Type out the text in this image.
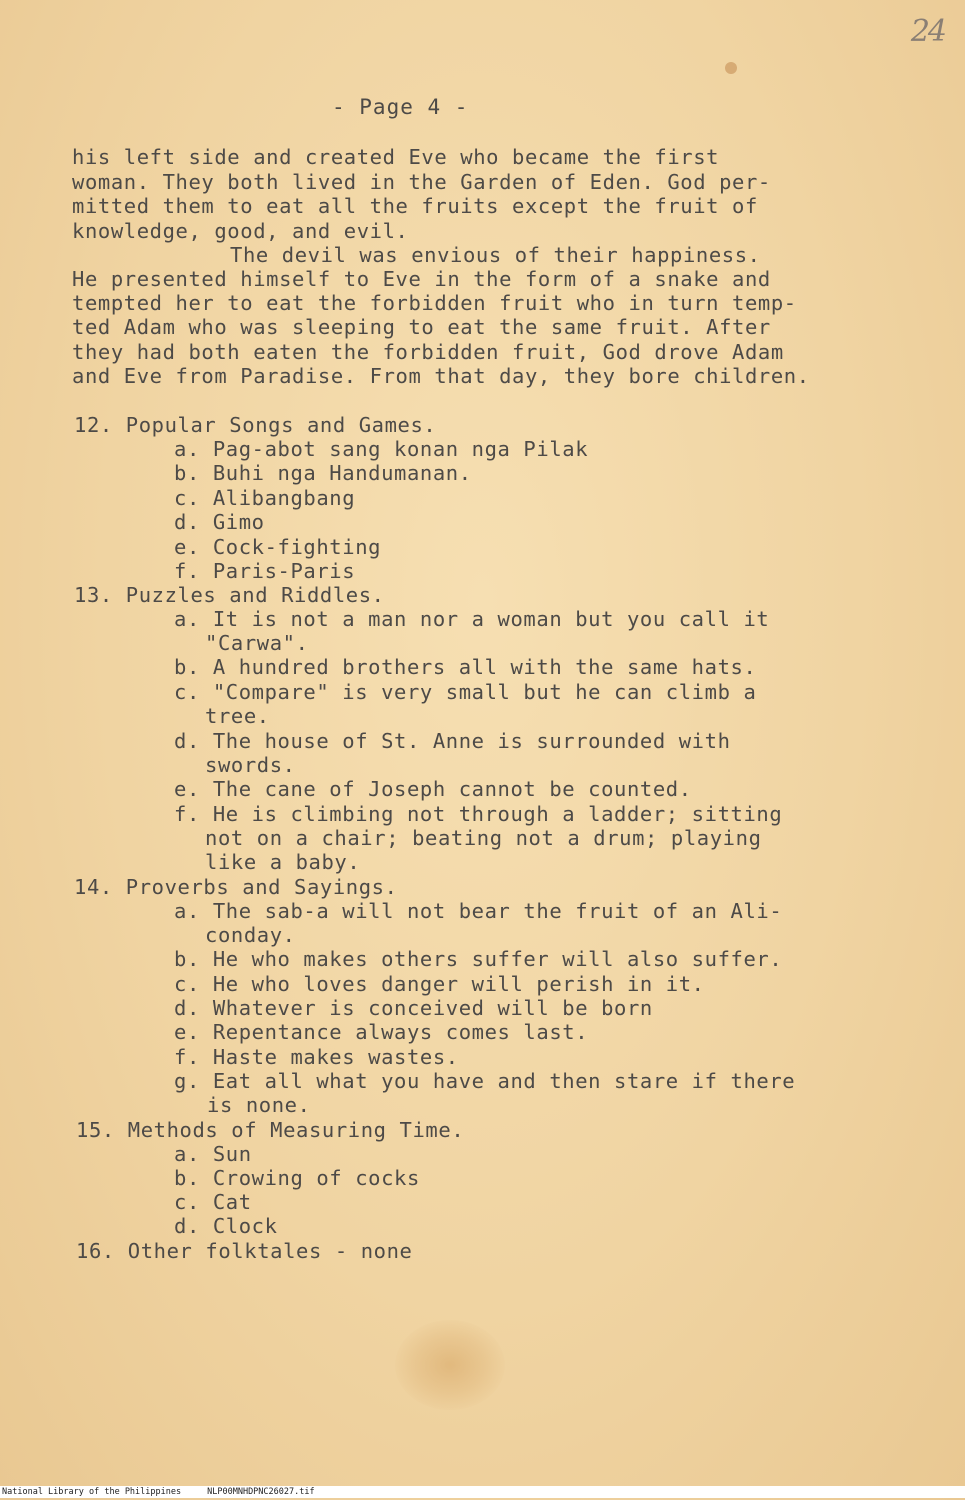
24
- Page 4 -

his left side and created Eve who became the first

woman. They both lived in the Garden of Eden. God per-

mitted them to eat all the fruits except the fruit of

knowledge, good, and evil.

The devil was envious of their happiness.

He presented himself to Eve in the form of a snake and

tempted her to eat the forbidden fruit who in turn temp-

ted Adam who was sleeping to eat the same fruit. After

they had both eaten the forbidden fruit, God drove Adam

and Eve from Paradise. From that day, they bore children.

12. Popular Songs and Games.

a. Pag-abot sang konan nga Pilak

b. Buhi nga Handumanan.

c. Alibangbang

d. Gimo

e. Cock-fighting

f. Paris-Paris

13. Puzzles and Riddles.

a. It is not a man nor a woman but you call it

"Carwa".

b. A hundred brothers all with the same hats.

c. "Compare" is very small but he can climb a

tree.

d. The house of St. Anne is surrounded with

swords.

e. The cane of Joseph cannot be counted.

f. He is climbing not through a ladder; sitting

not on a chair; beating not a drum; playing

like a baby.

14. Proverbs and Sayings.

a. The sab-a will not bear the fruit of an Ali-

conday.

b. He who makes others suffer will also suffer.

c. He who loves danger will perish in it.

d. Whatever is conceived will be born

e. Repentance always comes last.

f. Haste makes wastes.

g. Eat all what you have and then stare if there

is none.

15. Methods of Measuring Time.

a. Sun

b. Crowing of cocks

c. Cat

d. Clock

16. Other folktales - none

National Library of the Philippines	NLP00MNHDPNC26027.tif
